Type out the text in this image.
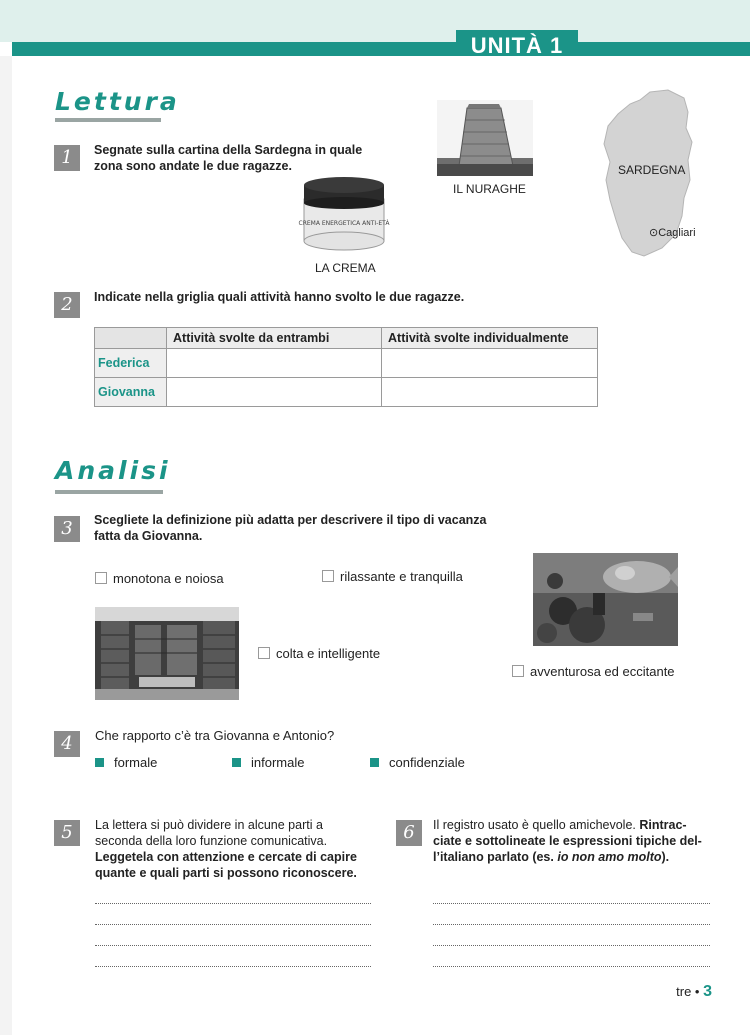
UNITÀ 1
Lettura
1	Segnate sulla cartina della Sardegna in quale
zona sono andate le due ragazze.
CREMA ENERGETICA ANTI-ETÀ
LA CREMA
IL NURAGHE
SARDEGNA
⊙Cagliari
2	Indicate nella griglia quali attività hanno svolto le due ragazze.
	Attività svolte da entrambi	Attività svolte individualmente
Federica		
Giovanna		
Analisi
3	Scegliete la definizione più adatta per descrivere il tipo di vacanza
fatta da Giovanna.
monotona e noiosa	rilassante e tranquilla
colta e intelligente
avventurosa ed eccitante
4	Che rapporto c’è tra Giovanna e Antonio?
formale	informale	confidenziale
5	La lettera si può dividere in alcune parti a
seconda della loro funzione comunicativa.
Leggetela con attenzione e cercate di capire
quante e quali parti si possono riconoscere.
6	Il registro usato è quello amichevole. Rintrac-
ciate e sottolineate le espressioni tipiche del-
l’italiano parlato (es. io non amo molto).
tre • 3
